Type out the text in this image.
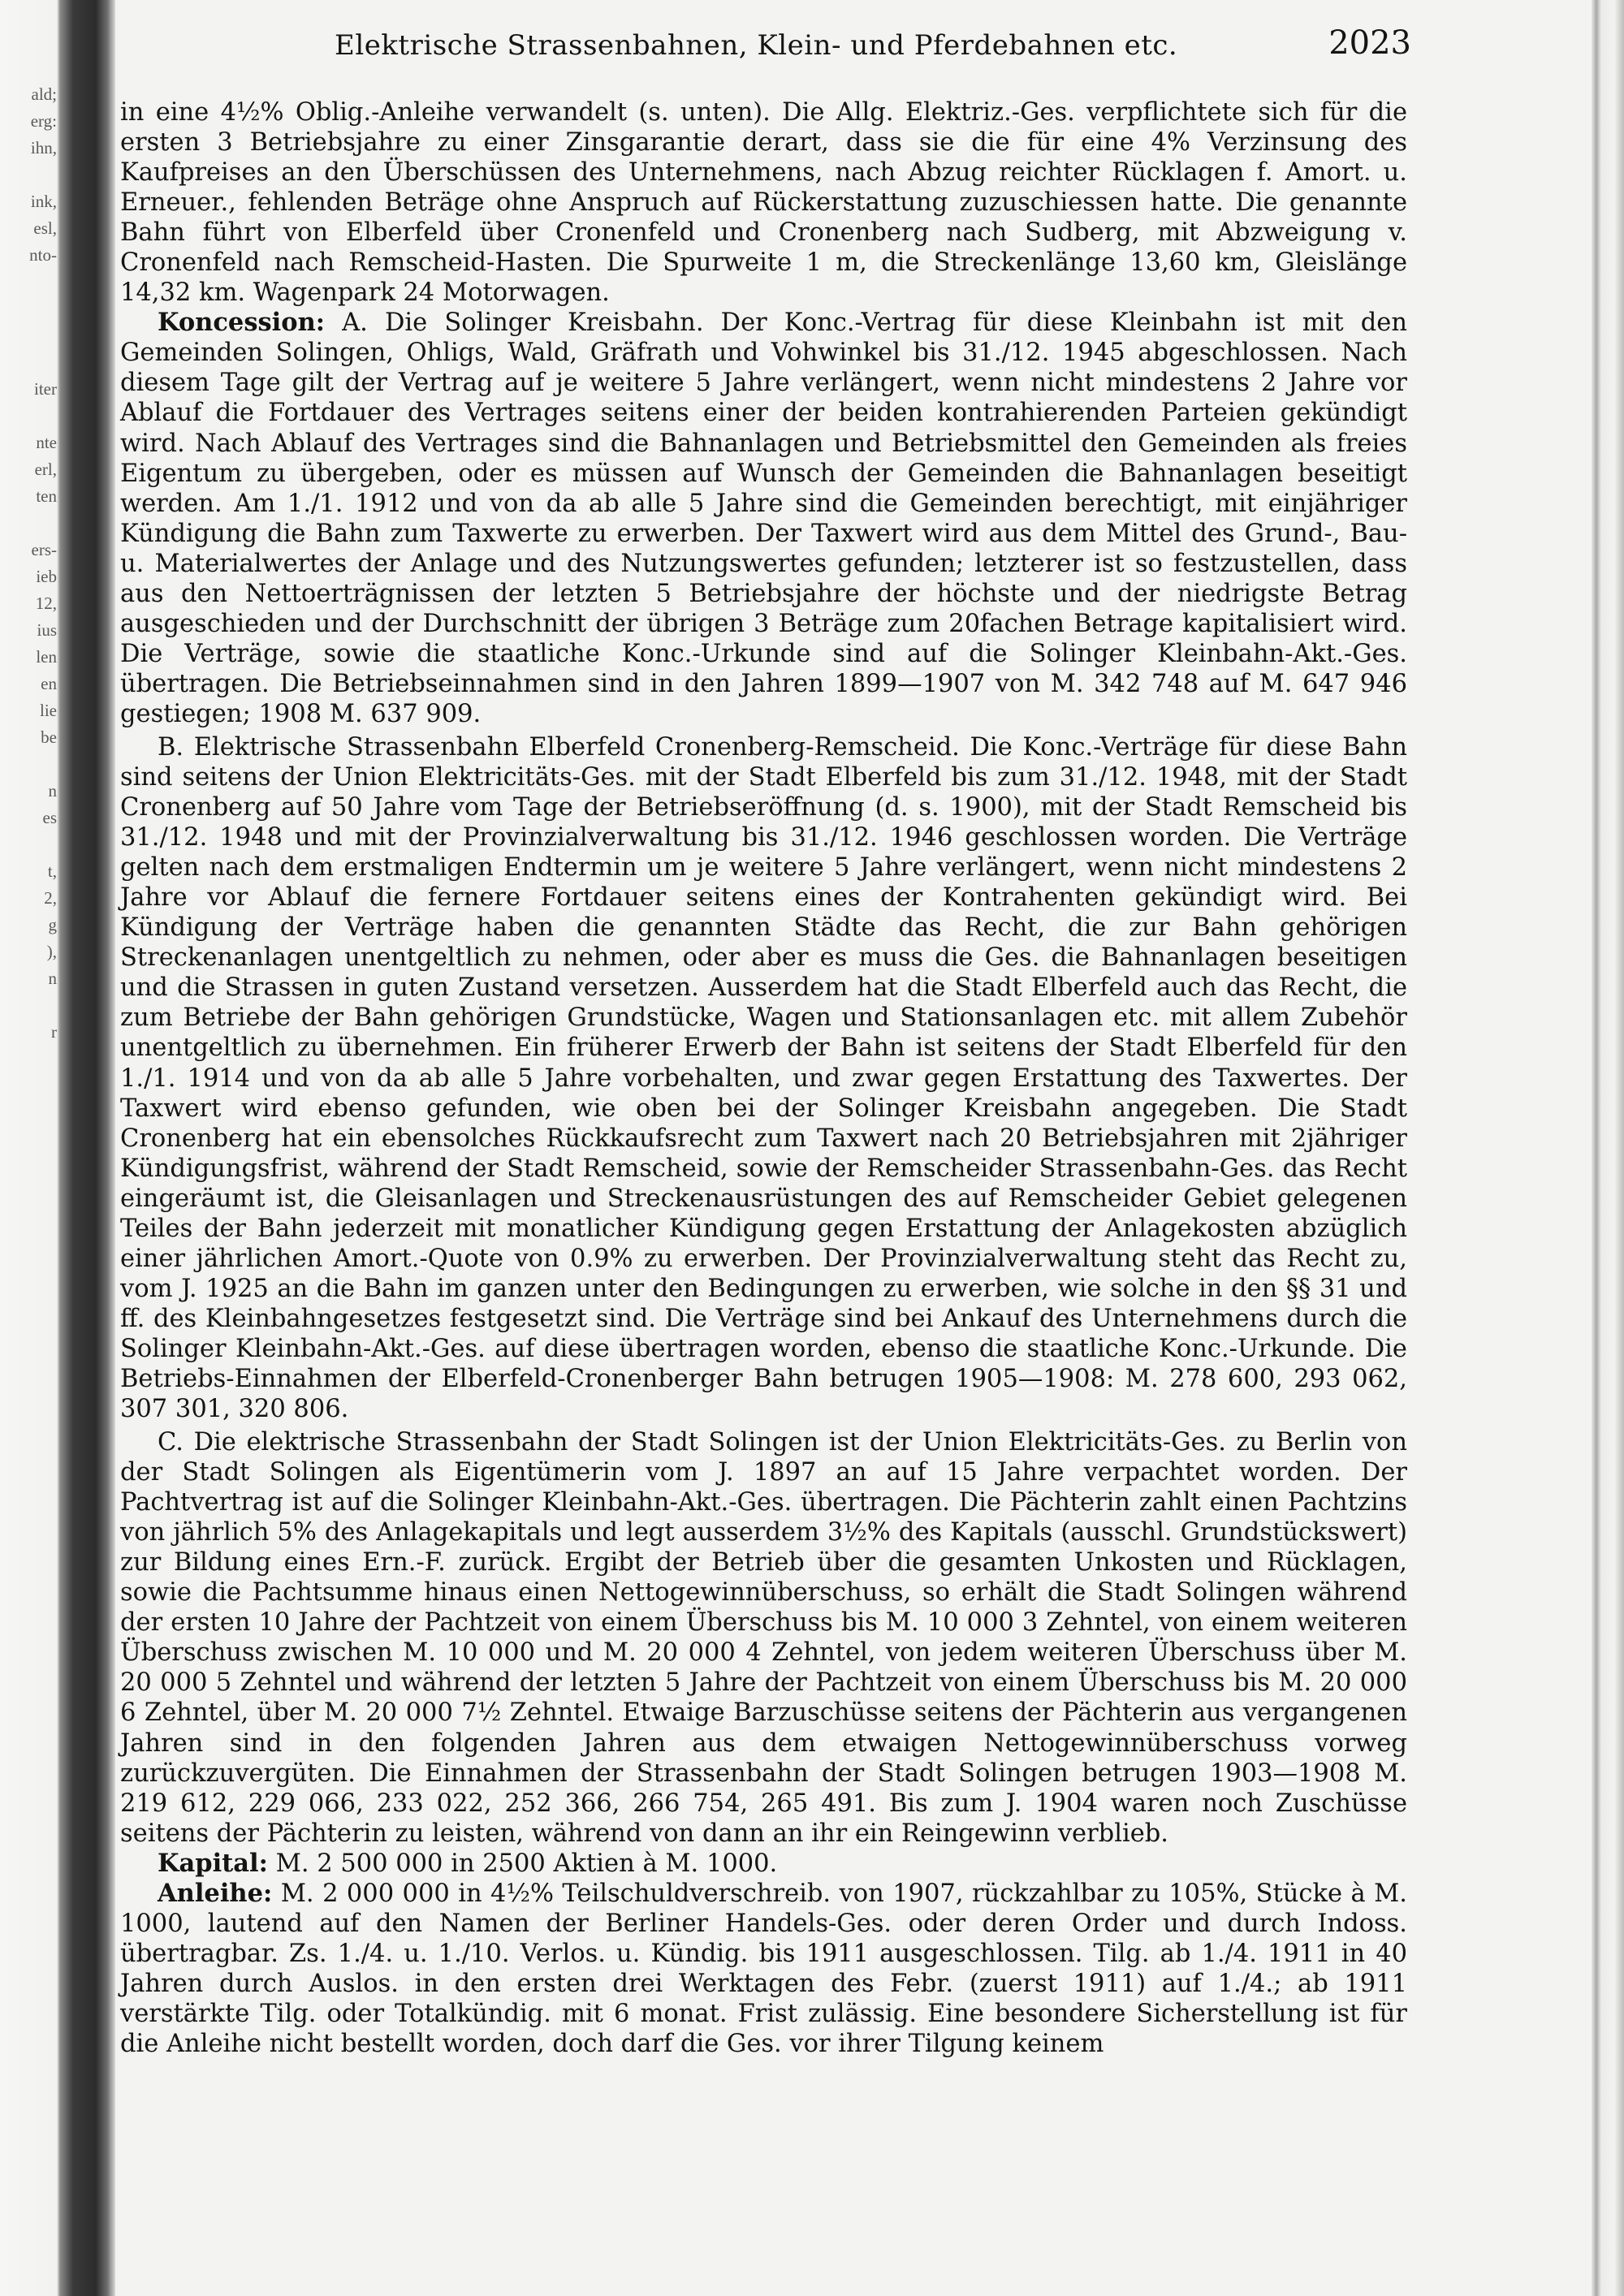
ald;
erg:
ihn,
ink,
esl,
nto-
iter
nte
erl,
ten
ers-
ieb
12,
ius
len
en
lie
be
n
es
t,
2,
g
),
n
r
Elektrische Strassenbahnen, Klein- und Pferdebahnen etc.	2023

in eine 4½% Oblig.-Anleihe verwandelt (s. unten). Die Allg. Elektriz.-Ges. verpflichtete sich für die ersten 3 Betriebsjahre zu einer Zinsgarantie derart, dass sie die für eine 4% Verzinsung des Kaufpreises an den Überschüssen des Unternehmens, nach Abzug reichter Rücklagen f. Amort. u. Erneuer., fehlenden Beträge ohne Anspruch auf Rückerstattung zuzuschiessen hatte. Die genannte Bahn führt von Elberfeld über Cronenfeld und Cronenberg nach Sudberg, mit Abzweigung v. Cronenfeld nach Remscheid-Hasten. Die Spurweite 1 m, die Streckenlänge 13,60 km, Gleislänge 14,32 km. Wagenpark 24 Motorwagen.

Koncession: A. Die Solinger Kreisbahn. Der Konc.-Vertrag für diese Kleinbahn ist mit den Gemeinden Solingen, Ohligs, Wald, Gräfrath und Vohwinkel bis 31./12. 1945 abgeschlossen. Nach diesem Tage gilt der Vertrag auf je weitere 5 Jahre verlängert, wenn nicht mindestens 2 Jahre vor Ablauf die Fortdauer des Vertrages seitens einer der beiden kontrahierenden Parteien gekündigt wird. Nach Ablauf des Vertrages sind die Bahnanlagen und Betriebsmittel den Gemeinden als freies Eigentum zu übergeben, oder es müssen auf Wunsch der Gemeinden die Bahnanlagen beseitigt werden. Am 1./1. 1912 und von da ab alle 5 Jahre sind die Gemeinden berechtigt, mit einjähriger Kündigung die Bahn zum Taxwerte zu erwerben. Der Taxwert wird aus dem Mittel des Grund-, Bau- u. Materialwertes der Anlage und des Nutzungswertes gefunden; letzterer ist so festzustellen, dass aus den Nettoerträgnissen der letzten 5 Betriebsjahre der höchste und der niedrigste Betrag ausgeschieden und der Durchschnitt der übrigen 3 Beträge zum 20fachen Betrage kapitalisiert wird. Die Verträge, sowie die staatliche Konc.-Urkunde sind auf die Solinger Kleinbahn-Akt.-Ges. übertragen. Die Betriebseinnahmen sind in den Jahren 1899—1907 von M. 342 748 auf M. 647 946 gestiegen; 1908 M. 637 909.

B. Elektrische Strassenbahn Elberfeld Cronenberg-Remscheid. Die Konc.-Verträge für diese Bahn sind seitens der Union Elektricitäts-Ges. mit der Stadt Elberfeld bis zum 31./12. 1948, mit der Stadt Cronenberg auf 50 Jahre vom Tage der Betriebseröffnung (d. s. 1900), mit der Stadt Remscheid bis 31./12. 1948 und mit der Provinzialverwaltung bis 31./12. 1946 geschlossen worden. Die Verträge gelten nach dem erstmaligen Endtermin um je weitere 5 Jahre verlängert, wenn nicht mindestens 2 Jahre vor Ablauf die fernere Fortdauer seitens eines der Kontrahenten gekündigt wird. Bei Kündigung der Verträge haben die genannten Städte das Recht, die zur Bahn gehörigen Streckenanlagen unentgeltlich zu nehmen, oder aber es muss die Ges. die Bahnanlagen beseitigen und die Strassen in guten Zustand versetzen. Ausserdem hat die Stadt Elberfeld auch das Recht, die zum Betriebe der Bahn gehörigen Grundstücke, Wagen und Stationsanlagen etc. mit allem Zubehör unentgeltlich zu übernehmen. Ein früherer Erwerb der Bahn ist seitens der Stadt Elberfeld für den 1./1. 1914 und von da ab alle 5 Jahre vorbehalten, und zwar gegen Erstattung des Taxwertes. Der Taxwert wird ebenso gefunden, wie oben bei der Solinger Kreisbahn angegeben. Die Stadt Cronenberg hat ein ebensolches Rückkaufsrecht zum Taxwert nach 20 Betriebsjahren mit 2jähriger Kündigungsfrist, während der Stadt Remscheid, sowie der Remscheider Strassenbahn-Ges. das Recht eingeräumt ist, die Gleisanlagen und Streckenausrüstungen des auf Remscheider Gebiet gelegenen Teiles der Bahn jederzeit mit monatlicher Kündigung gegen Erstattung der Anlagekosten abzüglich einer jährlichen Amort.-Quote von 0.9% zu erwerben. Der Provinzialverwaltung steht das Recht zu, vom J. 1925 an die Bahn im ganzen unter den Bedingungen zu erwerben, wie solche in den §§ 31 und ff. des Kleinbahngesetzes festgesetzt sind. Die Verträge sind bei Ankauf des Unternehmens durch die Solinger Kleinbahn-Akt.-Ges. auf diese übertragen worden, ebenso die staatliche Konc.-Urkunde. Die Betriebs-Einnahmen der Elberfeld-Cronenberger Bahn betrugen 1905—1908: M. 278 600, 293 062, 307 301, 320 806.

C. Die elektrische Strassenbahn der Stadt Solingen ist der Union Elektricitäts-Ges. zu Berlin von der Stadt Solingen als Eigentümerin vom J. 1897 an auf 15 Jahre verpachtet worden. Der Pachtvertrag ist auf die Solinger Kleinbahn-Akt.-Ges. übertragen. Die Pächterin zahlt einen Pachtzins von jährlich 5% des Anlagekapitals und legt ausserdem 3½% des Kapitals (ausschl. Grundstückswert) zur Bildung eines Ern.-F. zurück. Ergibt der Betrieb über die gesamten Unkosten und Rücklagen, sowie die Pachtsumme hinaus einen Nettogewinnüberschuss, so erhält die Stadt Solingen während der ersten 10 Jahre der Pachtzeit von einem Überschuss bis M. 10 000 3 Zehntel, von einem weiteren Überschuss zwischen M. 10 000 und M. 20 000 4 Zehntel, von jedem weiteren Überschuss über M. 20 000 5 Zehntel und während der letzten 5 Jahre der Pachtzeit von einem Überschuss bis M. 20 000 6 Zehntel, über M. 20 000 7½ Zehntel. Etwaige Barzuschüsse seitens der Pächterin aus vergangenen Jahren sind in den folgenden Jahren aus dem etwaigen Nettogewinnüberschuss vorweg zurückzuvergüten. Die Einnahmen der Strassenbahn der Stadt Solingen betrugen 1903—1908 M. 219 612, 229 066, 233 022, 252 366, 266 754, 265 491. Bis zum J. 1904 waren noch Zuschüsse seitens der Pächterin zu leisten, während von dann an ihr ein Reingewinn verblieb.

Kapital: M. 2 500 000 in 2500 Aktien à M. 1000.

Anleihe: M. 2 000 000 in 4½% Teilschuldverschreib. von 1907, rückzahlbar zu 105%, Stücke à M. 1000, lautend auf den Namen der Berliner Handels-Ges. oder deren Order und durch Indoss. übertragbar. Zs. 1./4. u. 1./10. Verlos. u. Kündig. bis 1911 ausgeschlossen. Tilg. ab 1./4. 1911 in 40 Jahren durch Auslos. in den ersten drei Werktagen des Febr. (zuerst 1911) auf 1./4.; ab 1911 verstärkte Tilg. oder Totalkündig. mit 6 monat. Frist zulässig. Eine besondere Sicherstellung ist für die Anleihe nicht bestellt worden, doch darf die Ges. vor ihrer Tilgung keinem
